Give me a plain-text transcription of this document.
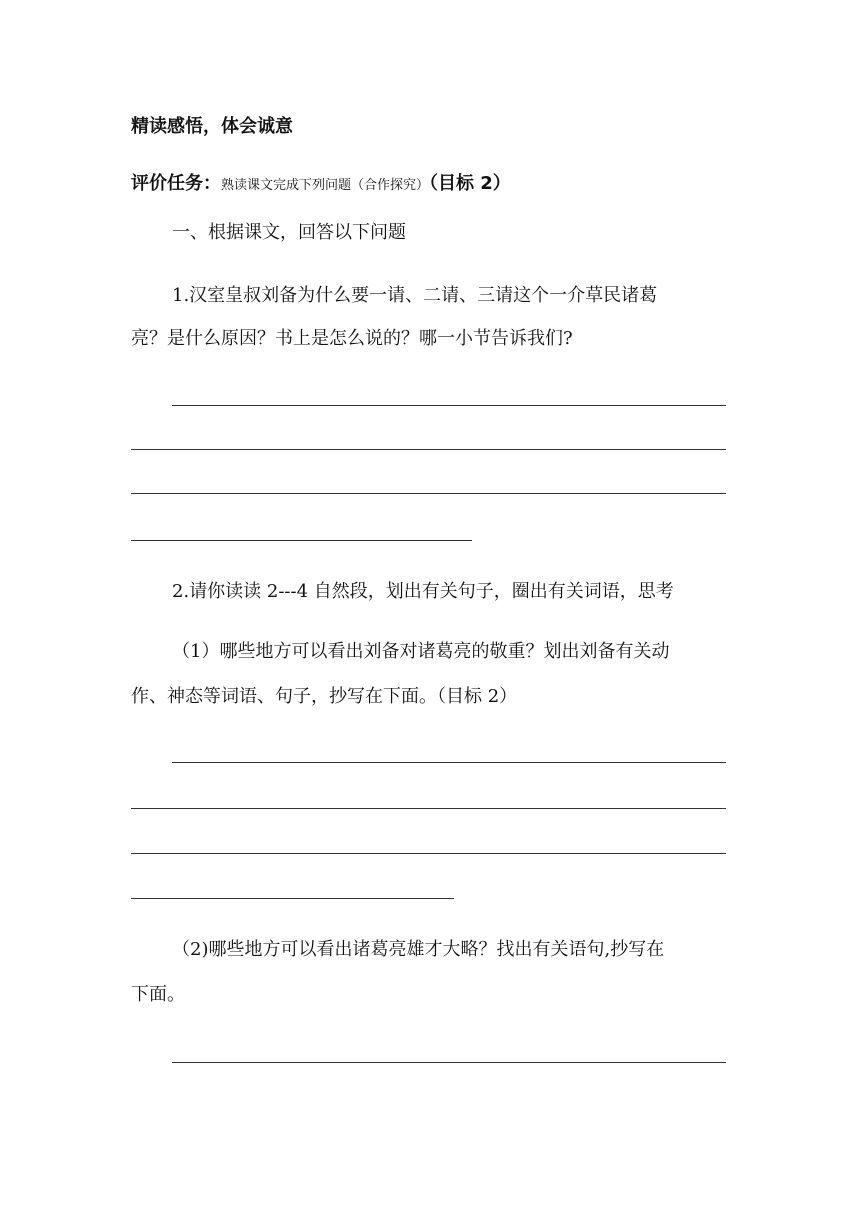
精读感悟，体会诚意
评价任务：熟读课文完成下列问题（合作探究）（目标 2）
一、根据课文，回答以下问题
1.汉室皇叔刘备为什么要一请、二请、三请这个一介草民诸葛
亮？是什么原因？书上是怎么说的？哪一小节告诉我们?
2.请你读读 2---4 自然段，划出有关句子，圈出有关词语，思考
（1）哪些地方可以看出刘备对诸葛亮的敬重？划出刘备有关动
作、神态等词语、句子，抄写在下面。（目标 2）
（2)哪些地方可以看出诸葛亮雄才大略？找出有关语句,抄写在
下面。
